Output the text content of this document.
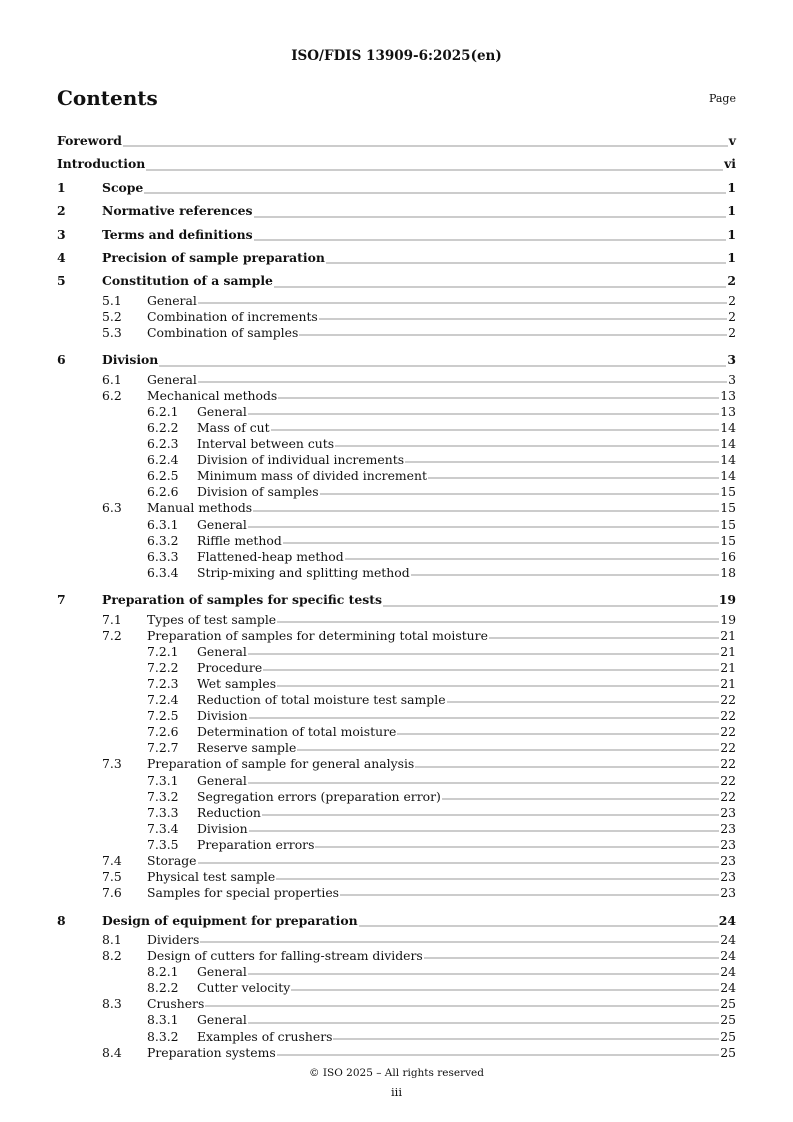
ISO/FDIS 13909-6:2025(en)
Contents	Page
Foreword	v
Introduction	vi
1	Scope	1
2	Normative references	1
3	Terms and definitions	1
4	Precision of sample preparation	1
5	Constitution of a sample	2
5.1	General	2
5.2	Combination of increments	2
5.3	Combination of samples	2
6	Division	3
6.1	General	3
6.2	Mechanical methods	13
6.2.1	General	13
6.2.2	Mass of cut	14
6.2.3	Interval between cuts	14
6.2.4	Division of individual increments	14
6.2.5	Minimum mass of divided increment	14
6.2.6	Division of samples	15
6.3	Manual methods	15
6.3.1	General	15
6.3.2	Riffle method	15
6.3.3	Flattened-heap method	16
6.3.4	Strip-mixing and splitting method	18
7	Preparation of samples for specific tests	19
7.1	Types of test sample	19
7.2	Preparation of samples for determining total moisture	21
7.2.1	General	21
7.2.2	Procedure	21
7.2.3	Wet samples	21
7.2.4	Reduction of total moisture test sample	22
7.2.5	Division	22
7.2.6	Determination of total moisture	22
7.2.7	Reserve sample	22
7.3	Preparation of sample for general analysis	22
7.3.1	General	22
7.3.2	Segregation errors (preparation error)	22
7.3.3	Reduction	23
7.3.4	Division	23
7.3.5	Preparation errors	23
7.4	Storage	23
7.5	Physical test sample	23
7.6	Samples for special properties	23
8	Design of equipment for preparation	24
8.1	Dividers	24
8.2	Design of cutters for falling-stream dividers	24
8.2.1	General	24
8.2.2	Cutter velocity	24
8.3	Crushers	25
8.3.1	General	25
8.3.2	Examples of crushers	25
8.4	Preparation systems	25
© ISO 2025 – All rights reserved
iii
